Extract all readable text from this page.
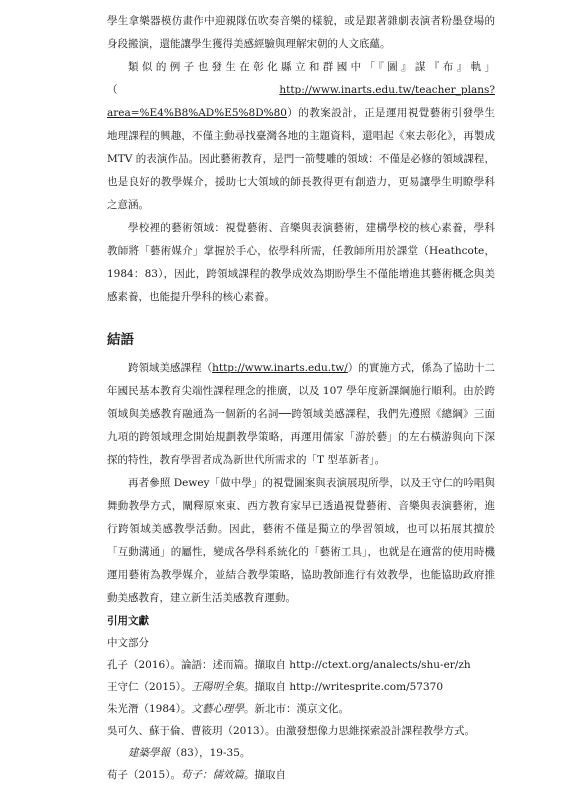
學生拿樂器模仿畫作中迎親隊伍吹奏音樂的樣貌，或是跟著雜劇表演者粉墨登場的身段搬演，還能讓學生獲得美感經驗與理解宋朝的人文底蘊。

類似的例子也發生在彰化縣立和群國中「『圖』謀『布』軌」（http://www.inarts.edu.tw/teacher_plans?area=%E4%B8%AD%E5%8D%80）的教案設計，正是運用視覺藝術引發學生地理課程的興趣，不僅主動尋找臺灣各地的主題資料，還唱起《來去彰化》，再製成 MTV 的表演作品。因此藝術教育，是門一箭雙雕的領域：不僅是必修的領域課程，也是良好的教學媒介，援助七大領域的師長教得更有創造力，更易讓學生明瞭學科之意涵。

學校裡的藝術領域：視覺藝術、音樂與表演藝術，建構學校的核心素養，學科教師將「藝術媒介」掌握於手心，依學科所需，任教師所用於課堂（Heathcote，1984：83），因此，跨領域課程的教學成效為期盼學生不僅能增進其藝術概念與美感素養，也能提升學科的核心素養。

結語

跨領域美感課程（http://www.inarts.edu.tw/）的實施方式，係為了協助十二年國民基本教育尖端性課程理念的推廣，以及 107 學年度新課綱施行順利。由於跨領域與美感教育融通為一個新的名詞──跨領域美感課程，我們先遵照《總綱》三面九項的跨領域理念開始規劃教學策略，再運用儒家「游於藝」的左右橫游與向下深探的特性，教育學習者成為新世代所需求的「T 型革新者」。

再者參照 Dewey「做中學」的視覺圖案與表演展現所學，以及王守仁的吟唱與舞動教學方式，闡釋原來東、西方教育家早已透過視覺藝術、音樂與表演藝術，進行跨領域美感教學活動。因此，藝術不僅是獨立的學習領域，也可以拓展其擅於「互動溝通」的屬性，變成各學科系統化的「藝術工具」，也就是在適當的使用時機運用藝術為教學媒介，並結合教學策略，協助教師進行有效教學，也能協助政府推動美感教育，建立新生活美感教育運動。

引用文獻
中文部分
孔子（2016）。論語：述而篇。擷取自 http://ctext.org/analects/shu-er/zh
王守仁（2015）。王陽明全集。擷取自 http://writesprite.com/57370
朱光潛（1984）。文藝心理學。新北市：漢京文化。
吳可久、蘇于倫、曹筱玥（2013）。由激發想像力思維探索設計課程教學方式。
建築學報（83），19-35。
荀子（2015）。荀子：儒效篇。擷取自
